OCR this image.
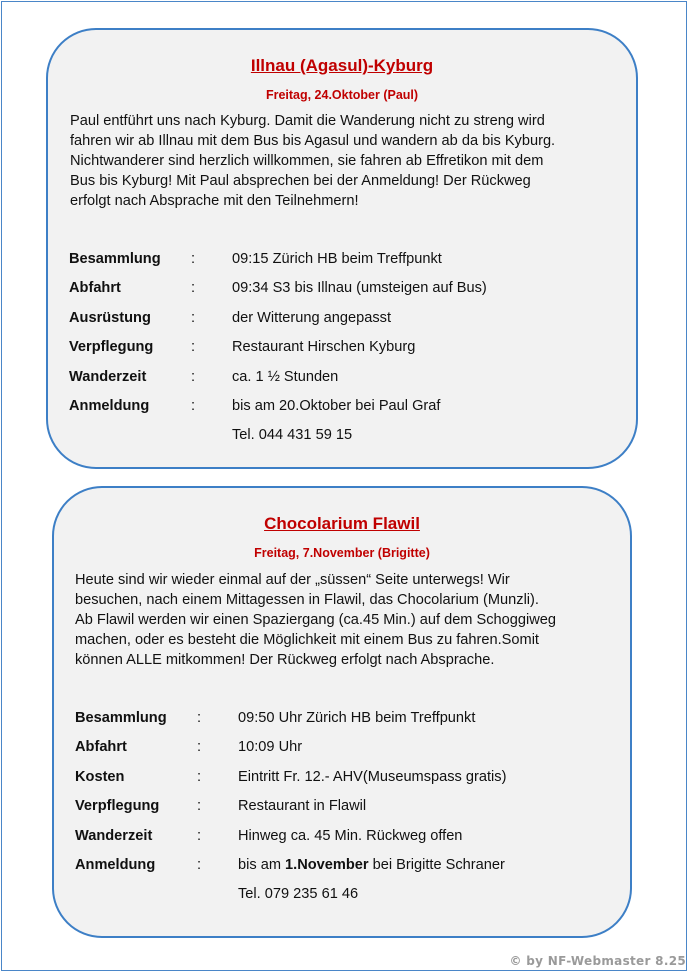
Illnau (Agasul)-Kyburg
Freitag, 24.Oktober (Paul)
Paul entführt uns nach Kyburg. Damit die Wanderung nicht zu streng wird
fahren wir ab Illnau mit dem Bus bis Agasul und wandern ab da bis Kyburg.
Nichtwanderer sind herzlich willkommen, sie fahren ab Effretikon mit dem
Bus bis Kyburg! Mit Paul absprechen bei der Anmeldung! Der Rückweg
erfolgt nach Absprache mit den Teilnehmern!
Besammlung :	09:15 Zürich HB beim Treffpunkt
Abfahrt	:	09:34 S3 bis Illnau (umsteigen auf Bus)
Ausrüstung	:	der Witterung angepasst
Verpflegung	:	Restaurant Hirschen Kyburg
Wanderzeit	:	ca. 1 ½ Stunden
Anmeldung	:	bis am 20.Oktober bei Paul Graf
Tel. 044 431 59 15
Chocolarium Flawil
Freitag, 7.November (Brigitte)
Heute sind wir wieder einmal auf der „süssen“ Seite unterwegs! Wir
besuchen, nach einem Mittagessen in Flawil, das Chocolarium (Munzli).
Ab Flawil werden wir einen Spaziergang (ca.45 Min.) auf dem Schoggiweg
machen, oder es besteht die Möglichkeit mit einem Bus zu fahren.Somit
können ALLE mitkommen! Der Rückweg erfolgt nach Absprache.
Besammlung :	09:50 Uhr Zürich HB beim Treffpunkt
Abfahrt	:	10:09 Uhr
Kosten	:	Eintritt Fr. 12.- AHV(Museumspass gratis)
Verpflegung	:	Restaurant in Flawil
Wanderzeit	:	Hinweg ca. 45 Min. Rückweg offen
Anmeldung	:	bis am 1.November bei Brigitte Schraner
Tel. 079 235 61 46
© by NF-Webmaster 8.25
